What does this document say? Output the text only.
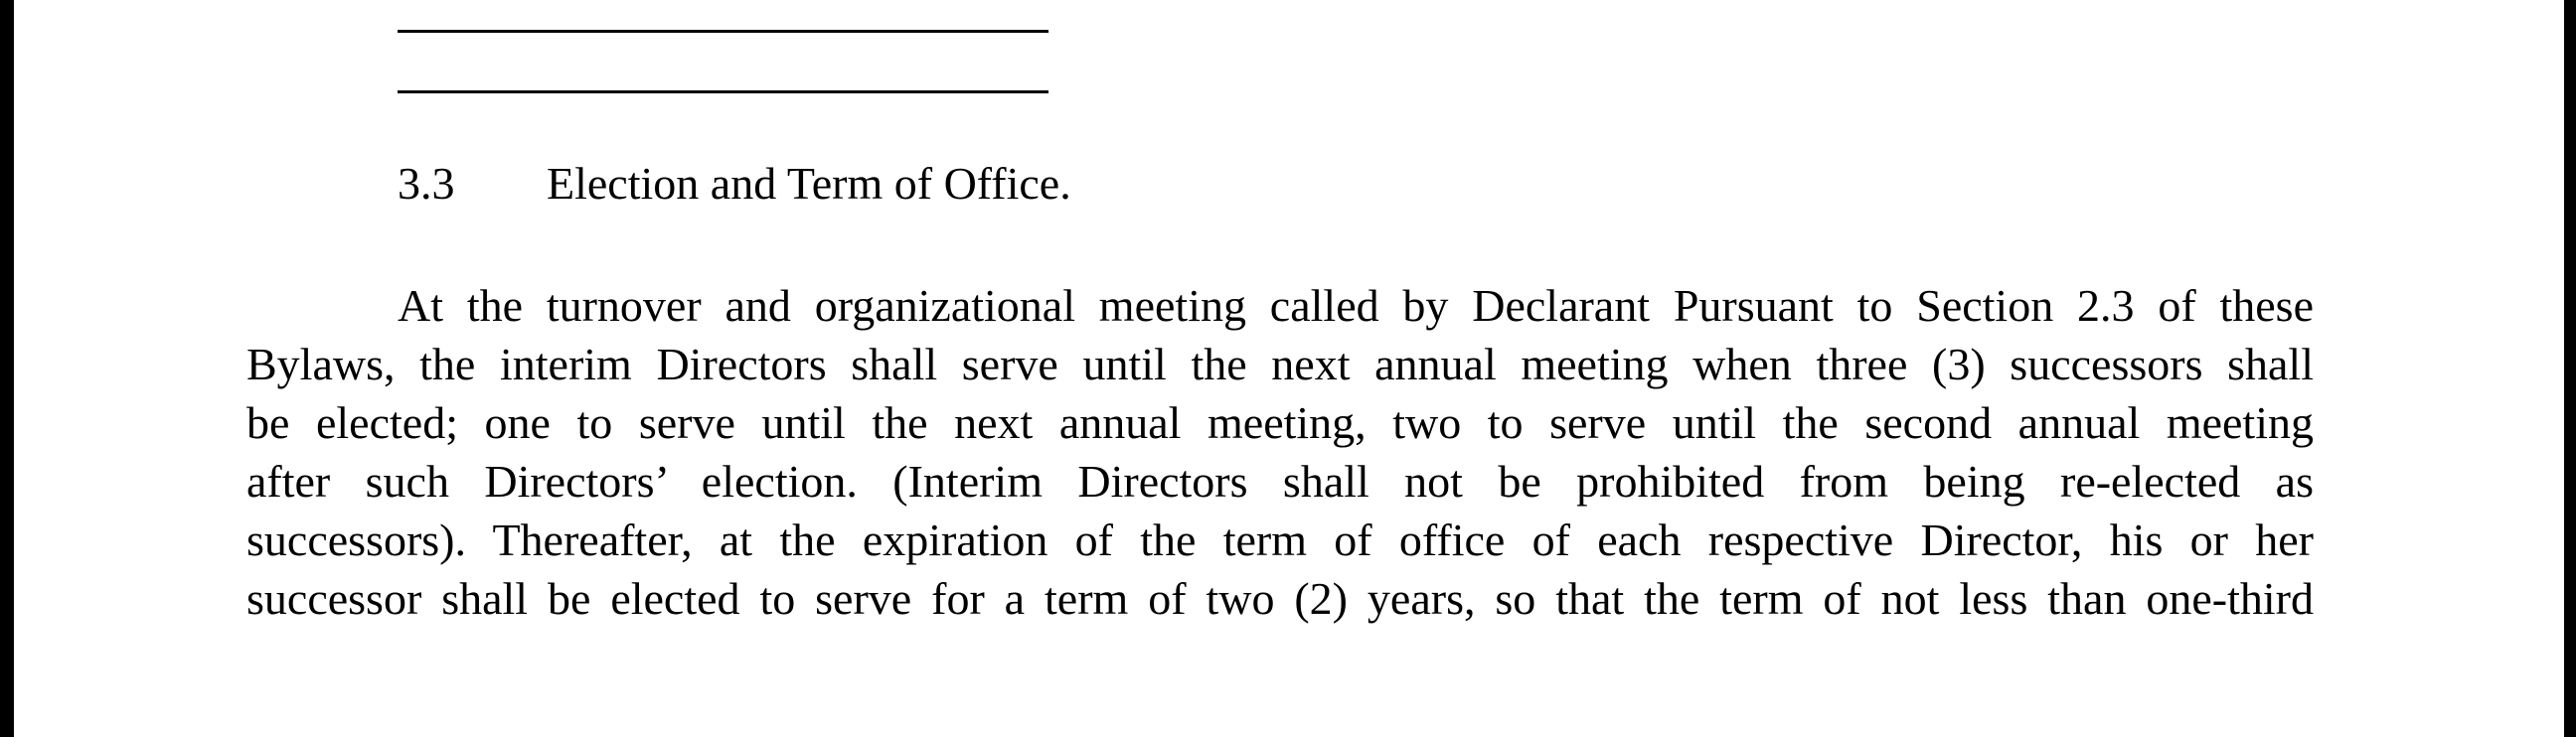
3.3 Election and Term of Office.
At the turnover and organizational meeting called by Declarant Pursuant to Section 2.3 of these
Bylaws, the interim Directors shall serve until the next annual meeting when three (3) successors shall
be elected; one to serve until the next annual meeting, two to serve until the second annual meeting
after such Directors’ election. (Interim Directors shall not be prohibited from being re-elected as
successors). Thereafter, at the expiration of the term of office of each respective Director, his or her
successor shall be elected to serve for a term of two (2) years, so that the term of not less than one-third
